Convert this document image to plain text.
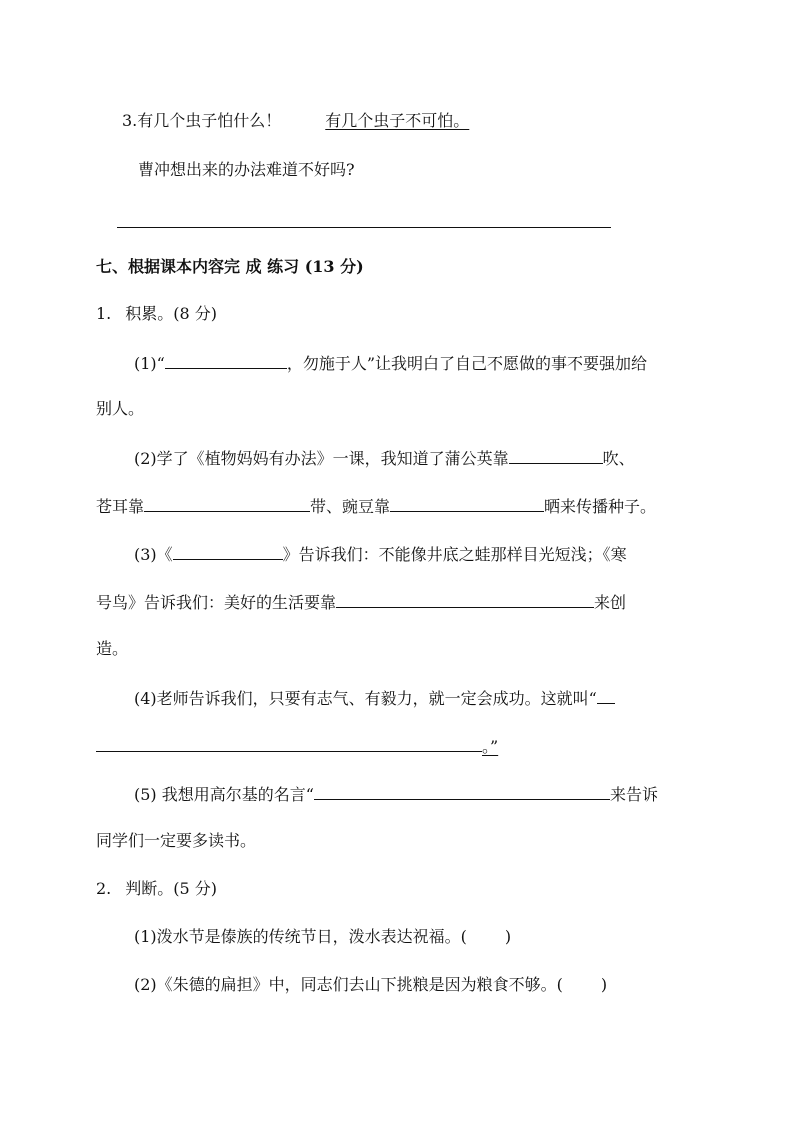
3.有几个虫子怕什么！	有几个虫子不可怕。
曹冲想出来的办法难道不好吗?
七、根据课本内容完 成 练习 (13 分)
1. 积累。(8 分)
(1)“	，勿施于人”让我明白了自己不愿做的事不要强加给
别人。
(2)学了《植物妈妈有办法》一课，我知道了蒲公英靠	吹、
苍耳靠	带、豌豆靠	晒来传播种子。
(3)《	》告诉我们：不能像井底之蛙那样目光短浅；《寒
号鸟》告诉我们：美好的生活要靠	来创
造。
(4)老师告诉我们，只要有志气、有毅力，就一定会成功。这就叫“
。”
(5) 我想用高尔基的名言“	来告诉
同学们一定要多读书。
2. 判断。(5 分)
(1)泼水节是傣族的传统节日，泼水表达祝福。( )
(2)《朱德的扁担》中，同志们去山下挑粮是因为粮食不够。( )
